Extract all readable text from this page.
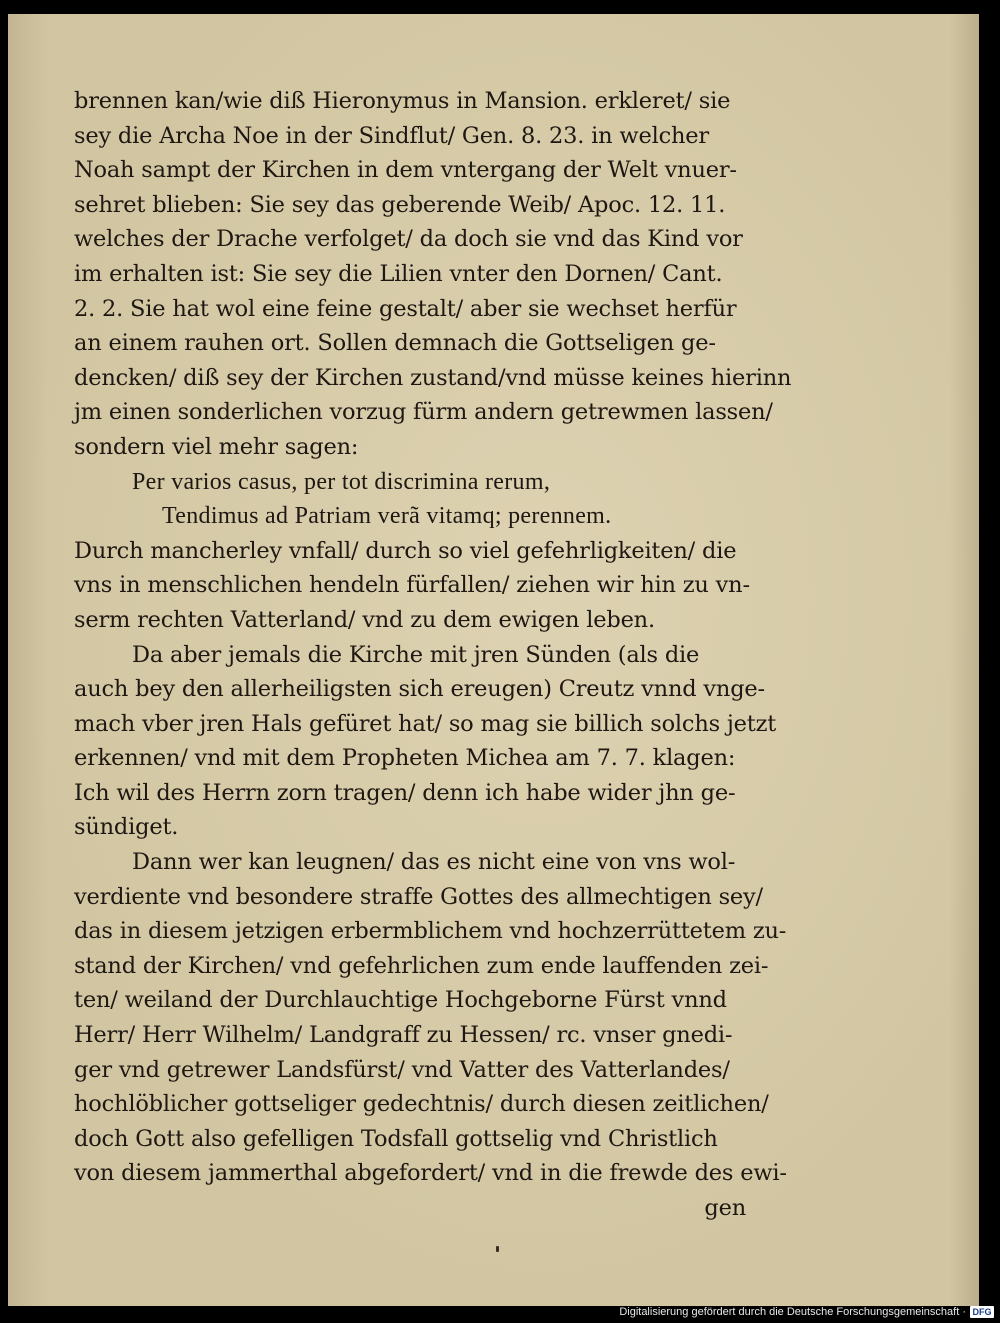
brennen kan/wie diß Hieronymus in Mansion. erkleret/ sie
sey die Archa Noe in der Sindflut/ Gen. 8. 23. in welcher
Noah sampt der Kirchen in dem vntergang der Welt vnuer-
sehret blieben: Sie sey das geberende Weib/ Apoc. 12. 11.
welches der Drache verfolget/ da doch sie vnd das Kind vor
im erhalten ist: Sie sey die Lilien vnter den Dornen/ Cant.
2. 2. Sie hat wol eine feine gestalt/ aber sie wechset herfür
an einem rauhen ort. Sollen demnach die Gottseligen ge-
dencken/ diß sey der Kirchen zustand/vnd müsse keines hierinn
jm einen sonderlichen vorzug fürm andern getrewmen lassen/
sondern viel mehr sagen:
Per varios casus, per tot discrimina rerum,
Tendimus ad Patriam verã vitamq; perennem.
Durch mancherley vnfall/ durch so viel gefehrligkeiten/ die
vns in menschlichen hendeln fürfallen/ ziehen wir hin zu vn-
serm rechten Vatterland/ vnd zu dem ewigen leben.
Da aber jemals die Kirche mit jren Sünden (als die
auch bey den allerheiligsten sich ereugen) Creutz vnnd vnge-
mach vber jren Hals gefüret hat/ so mag sie billich solchs jetzt
erkennen/ vnd mit dem Propheten Michea am 7. 7. klagen:
Ich wil des Herrn zorn tragen/ denn ich habe wider jhn ge-
sündiget.
Dann wer kan leugnen/ das es nicht eine von vns wol-
verdiente vnd besondere straffe Gottes des allmechtigen sey/
das in diesem jetzigen erbermblichem vnd hochzerrüttetem zu-
stand der Kirchen/ vnd gefehrlichen zum ende lauffenden zei-
ten/ weiland der Durchlauchtige Hochgeborne Fürst vnnd
Herr/ Herr Wilhelm/ Landgraff zu Hessen/ rc. vnser gnedi-
ger vnd getrewer Landsfürst/ vnd Vatter des Vatterlandes/
hochlöblicher gottseliger gedechtnis/ durch diesen zeitlichen/
doch Gott also gefelligen Todsfall gottselig vnd Christlich
von diesem jammerthal abgefordert/ vnd in die frewde des ewi-
gen
Digitalisierung gefördert durch die Deutsche Forschungsgemeinschaft · DFG
